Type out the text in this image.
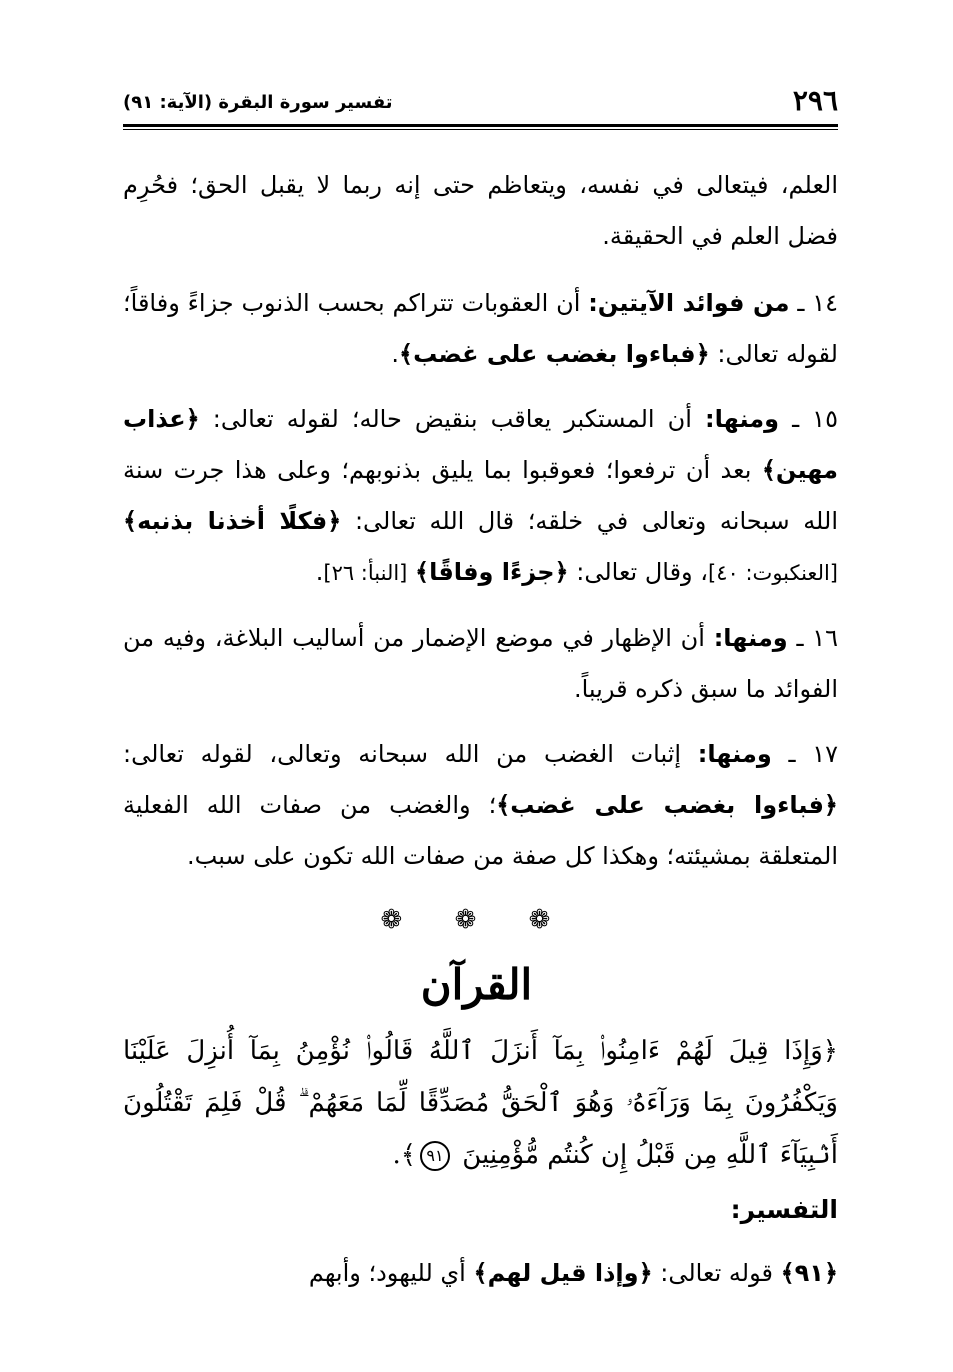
٢٩٦
تفسير سورة البقرة (الآية: ٩١)

العلم، فيتعالى في نفسه، ويتعاظم حتى إنه ربما لا يقبل الحق؛ فحُرِم فضل العلم في الحقيقة.

١٤ ـ من فوائد الآيتين: أن العقوبات تتراكم بحسب الذنوب جزاءً وفاقاً؛ لقوله تعالى: ﴿فباءوا بغضب على غضب﴾.

١٥ ـ ومنها: أن المستكبر يعاقب بنقيض حاله؛ لقوله تعالى: ﴿عذاب مهين﴾ بعد أن ترفعوا؛ فعوقبوا بما يليق بذنوبهم؛ وعلى هذا جرت سنة الله سبحانه وتعالى في خلقه؛ قال الله تعالى: ﴿فكلًا أخذنا بذنبه﴾ [العنكبوت: ٤٠]، وقال تعالى: ﴿جزءًا وفاقًا﴾ [النبأ: ٢٦].

١٦ ـ ومنها: أن الإظهار في موضع الإضمار من أساليب البلاغة، وفيه من الفوائد ما سبق ذكره قريباً.

١٧ ـ ومنها: إثبات الغضب من الله سبحانه وتعالى، لقوله تعالى: ﴿فباءوا بغضب على غضب﴾؛ والغضب من صفات الله الفعلية المتعلقة بمشيئته؛ وهكذا كل صفة من صفات الله تكون على سبب.

❁ ❁ ❁
القرآن
﴿وَإِذَا قِيلَ لَهُمْ ءَامِنُوا۟ بِمَآ أَنزَلَ ٱللَّهُ قَالُوا۟ نُؤْمِنُ بِمَآ أُنزِلَ عَلَيْنَا وَيَكْفُرُونَ بِمَا وَرَآءَهُۥ وَهُوَ ٱلْحَقُّ مُصَدِّقًا لِّمَا مَعَهُمْ ۗ قُلْ فَلِمَ تَقْتُلُونَ أَنۢبِيَآءَ ٱللَّهِ مِن قَبْلُ إِن كُنتُم مُّؤْمِنِينَ ٩١﴾.
التفسير:
﴿٩١﴾ قوله تعالى: ﴿وإذا قيل لهم﴾ أي لليهود؛ وأبهم
